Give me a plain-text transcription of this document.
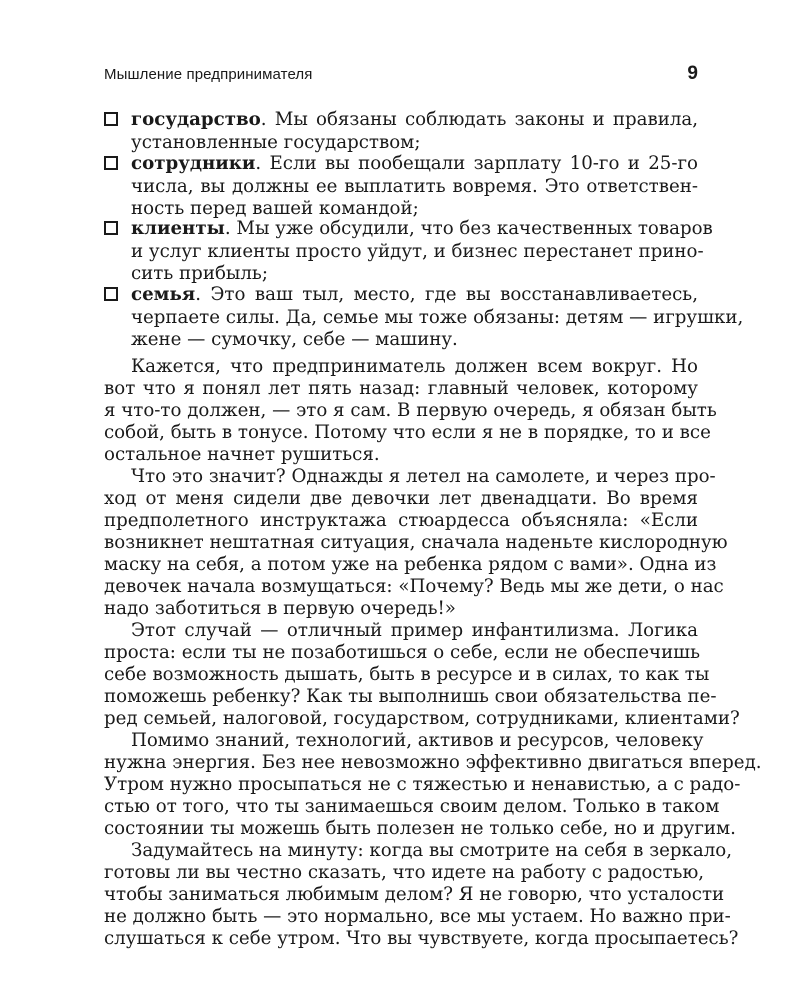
Мышление предпринимателя	9
государство. Мы обязаны соблюдать законы и правила,
установленные государством;
сотрудники. Если вы пообещали зарплату 10-го и 25-го
числа, вы должны ее выплатить вовремя. Это ответствен-
ность перед вашей командой;
клиенты. Мы уже обсудили, что без качественных товаров
и услуг клиенты просто уйдут, и бизнес перестанет прино-
сить прибыль;
семья. Это ваш тыл, место, где вы восстанавливаетесь,
черпаете силы. Да, семье мы тоже обязаны: детям — игрушки,
жене — сумочку, себе — машину.
Кажется, что предприниматель должен всем вокруг. Но
вот что я понял лет пять назад: главный человек, которому
я что-то должен, — это я сам. В первую очередь, я обязан быть
собой, быть в тонусе. Потому что если я не в порядке, то и все
остальное начнет рушиться.
Что это значит? Однажды я летел на самолете, и через про-
ход от меня сидели две девочки лет двенадцати. Во время
предполетного инструктажа стюардесса объясняла: «Если
возникнет нештатная ситуация, сначала наденьте кислородную
маску на себя, а потом уже на ребенка рядом с вами». Одна из
девочек начала возмущаться: «Почему? Ведь мы же дети, о нас
надо заботиться в первую очередь!»
Этот случай — отличный пример инфантилизма. Логика
проста: если ты не позаботишься о себе, если не обеспечишь
себе возможность дышать, быть в ресурсе и в силах, то как ты
поможешь ребенку? Как ты выполнишь свои обязательства пе-
ред семьей, налоговой, государством, сотрудниками, клиентами?
Помимо знаний, технологий, активов и ресурсов, человеку
нужна энергия. Без нее невозможно эффективно двигаться вперед.
Утром нужно просыпаться не с тяжестью и ненавистью, а с радо-
стью от того, что ты занимаешься своим делом. Только в таком
состоянии ты можешь быть полезен не только себе, но и другим.
Задумайтесь на минуту: когда вы смотрите на себя в зеркало,
готовы ли вы честно сказать, что идете на работу с радостью,
чтобы заниматься любимым делом? Я не говорю, что усталости
не должно быть — это нормально, все мы устаем. Но важно при-
слушаться к себе утром. Что вы чувствуете, когда просыпаетесь?
